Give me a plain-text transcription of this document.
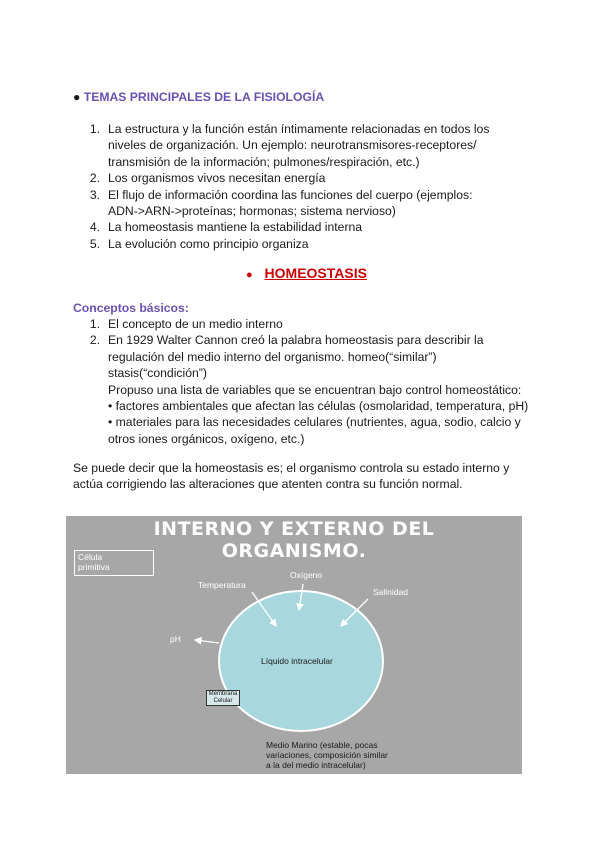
● TEMAS PRINCIPALES DE LA FISIOLOGÍA
1. La estructura y la función están íntimamente relacionadas en todos los
niveles de organización. Un ejemplo: neurotransmisores-receptores/
transmisión de la información; pulmones/respiración, etc.)
2. Los organismos vivos necesitan energía
3. El flujo de información coordina las funciones del cuerpo (ejemplos:
ADN->ARN->proteínas; hormonas; sistema nervioso)
4. La homeostasis mantiene la estabilidad interna
5. La evolución como principio organiza
● HOMEOSTASIS
Conceptos básicos:
1. El concepto de un medio interno
2. En 1929 Walter Cannon creó la palabra homeostasis para describir la
regulación del medio interno del organismo. homeo(“similar”)
stasis(“condición”)
Propuso una lista de variables que se encuentran bajo control homeostático:
• factores ambientales que afectan las células (osmolaridad, temperatura, pH)
• materiales para las necesidades celulares (nutrientes, agua, sodio, calcio y
otros iones orgánicos, oxígeno, etc.)
Se puede decir que la homeostasis es; el organismo controla su estado interno y
actúa corrigiendo las alteraciones que atenten contra su función normal.
INTERNO Y EXTERNO DEL
ORGANISMO.
Célula
primitiva
Oxígeno
Temperatura
Salinidad
pH
Líquido intracelular
Membrana
Celular
Medio Marino (estable, pocas
variaciones, composición similar
a la del medio intracelular)
